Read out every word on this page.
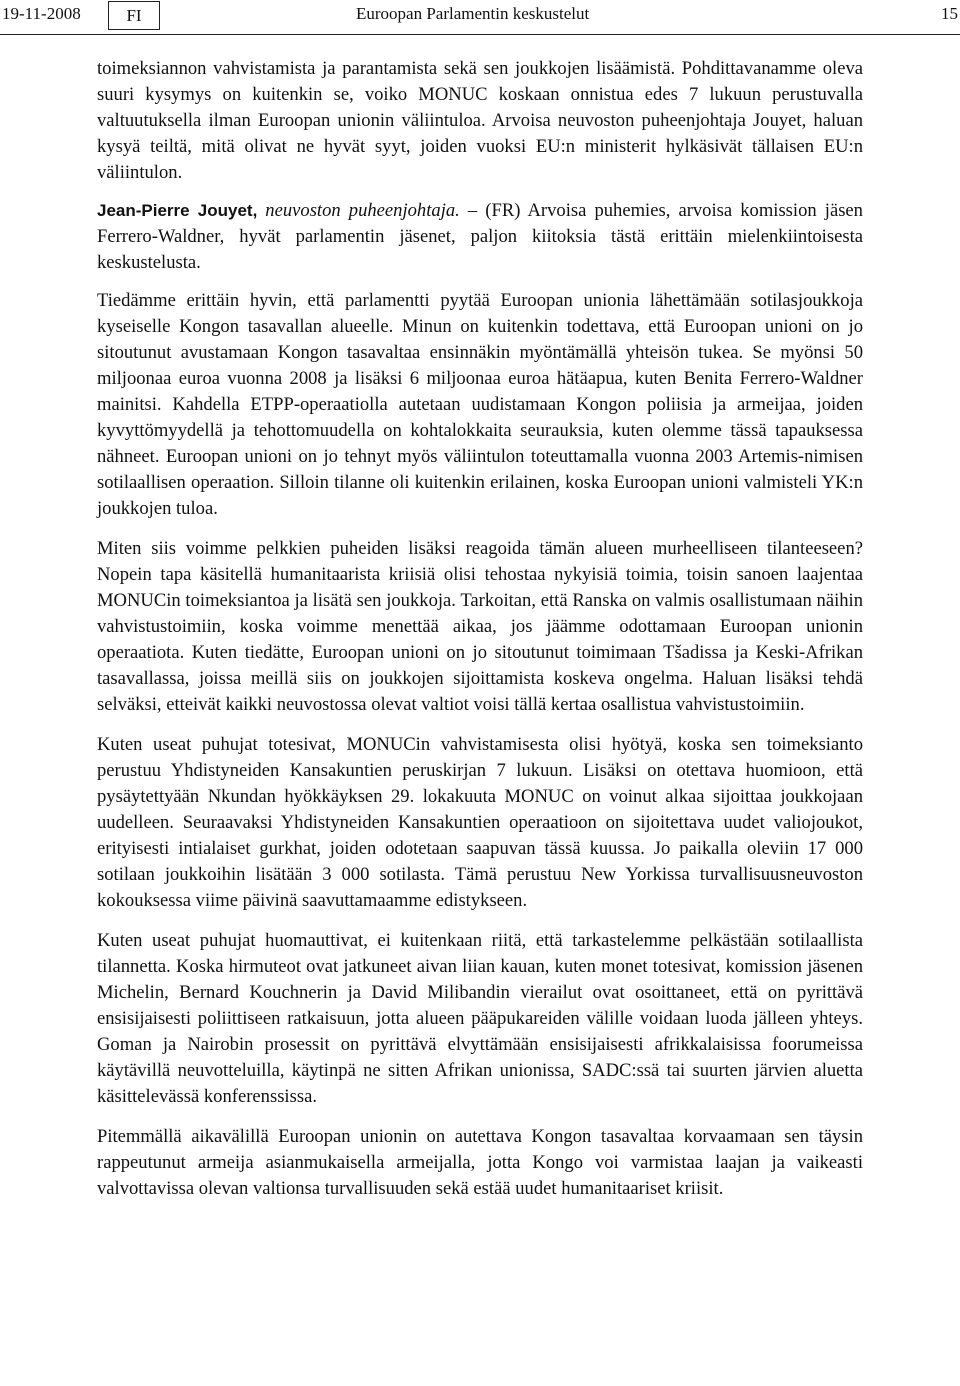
19-11-2008	FI	Euroopan Parlamentin keskustelut	15

toimeksiannon vahvistamista ja parantamista sekä sen joukkojen lisäämistä. Pohdittavanamme oleva suuri kysymys on kuitenkin se, voiko MONUC koskaan onnistua edes 7 lukuun perustuvalla valtuutuksella ilman Euroopan unionin väliintuloa. Arvoisa neuvoston puheenjohtaja Jouyet, haluan kysyä teiltä, mitä olivat ne hyvät syyt, joiden vuoksi EU:n ministerit hylkäsivät tällaisen EU:n väliintulon.

Jean-Pierre Jouyet, neuvoston puheenjohtaja. – (FR) Arvoisa puhemies, arvoisa komission jäsen Ferrero-Waldner, hyvät parlamentin jäsenet, paljon kiitoksia tästä erittäin mielenkiintoisesta keskustelusta.

Tiedämme erittäin hyvin, että parlamentti pyytää Euroopan unionia lähettämään sotilasjoukkoja kyseiselle Kongon tasavallan alueelle. Minun on kuitenkin todettava, että Euroopan unioni on jo sitoutunut avustamaan Kongon tasavaltaa ensinnäkin myöntämällä yhteisön tukea. Se myönsi 50 miljoonaa euroa vuonna 2008 ja lisäksi 6 miljoonaa euroa hätäapua, kuten Benita Ferrero-Waldner mainitsi. Kahdella ETPP-operaatiolla autetaan uudistamaan Kongon poliisia ja armeijaa, joiden kyvyttömyydellä ja tehottomuudella on kohtalokkaita seurauksia, kuten olemme tässä tapauksessa nähneet. Euroopan unioni on jo tehnyt myös väliintulon toteuttamalla vuonna 2003 Artemis-nimisen sotilaallisen operaation. Silloin tilanne oli kuitenkin erilainen, koska Euroopan unioni valmisteli YK:n joukkojen tuloa.

Miten siis voimme pelkkien puheiden lisäksi reagoida tämän alueen murheelliseen tilanteeseen? Nopein tapa käsitellä humanitaarista kriisiä olisi tehostaa nykyisiä toimia, toisin sanoen laajentaa MONUCin toimeksiantoa ja lisätä sen joukkoja. Tarkoitan, että Ranska on valmis osallistumaan näihin vahvistustoimiin, koska voimme menettää aikaa, jos jäämme odottamaan Euroopan unionin operaatiota. Kuten tiedätte, Euroopan unioni on jo sitoutunut toimimaan Tšadissa ja Keski-Afrikan tasavallassa, joissa meillä siis on joukkojen sijoittamista koskeva ongelma. Haluan lisäksi tehdä selväksi, etteivät kaikki neuvostossa olevat valtiot voisi tällä kertaa osallistua vahvistustoimiin.

Kuten useat puhujat totesivat, MONUCin vahvistamisesta olisi hyötyä, koska sen toimeksianto perustuu Yhdistyneiden Kansakuntien peruskirjan 7 lukuun. Lisäksi on otettava huomioon, että pysäytettyään Nkundan hyökkäyksen 29. lokakuuta MONUC on voinut alkaa sijoittaa joukkojaan uudelleen. Seuraavaksi Yhdistyneiden Kansakuntien operaatioon on sijoitettava uudet valiojoukot, erityisesti intialaiset gurkhat, joiden odotetaan saapuvan tässä kuussa. Jo paikalla oleviin 17 000 sotilaan joukkoihin lisätään 3 000 sotilasta. Tämä perustuu New Yorkissa turvallisuusneuvoston kokouksessa viime päivinä saavuttamaamme edistykseen.

Kuten useat puhujat huomauttivat, ei kuitenkaan riitä, että tarkastelemme pelkästään sotilaallista tilannetta. Koska hirmuteot ovat jatkuneet aivan liian kauan, kuten monet totesivat, komission jäsenen Michelin, Bernard Kouchnerin ja David Milibandin vierailut ovat osoittaneet, että on pyrittävä ensisijaisesti poliittiseen ratkaisuun, jotta alueen pääpukareiden välille voidaan luoda jälleen yhteys. Goman ja Nairobin prosessit on pyrittävä elvyttämään ensisijaisesti afrikkalaisissa foorumeissa käytävillä neuvotteluilla, käytinpä ne sitten Afrikan unionissa, SADC:ssä tai suurten järvien aluetta käsittelevässä konferenssissa.

Pitemmällä aikavälillä Euroopan unionin on autettava Kongon tasavaltaa korvaamaan sen täysin rappeutunut armeija asianmukaisella armeijalla, jotta Kongo voi varmistaa laajan ja vaikeasti valvottavissa olevan valtionsa turvallisuuden sekä estää uudet humanitaariset kriisit.
